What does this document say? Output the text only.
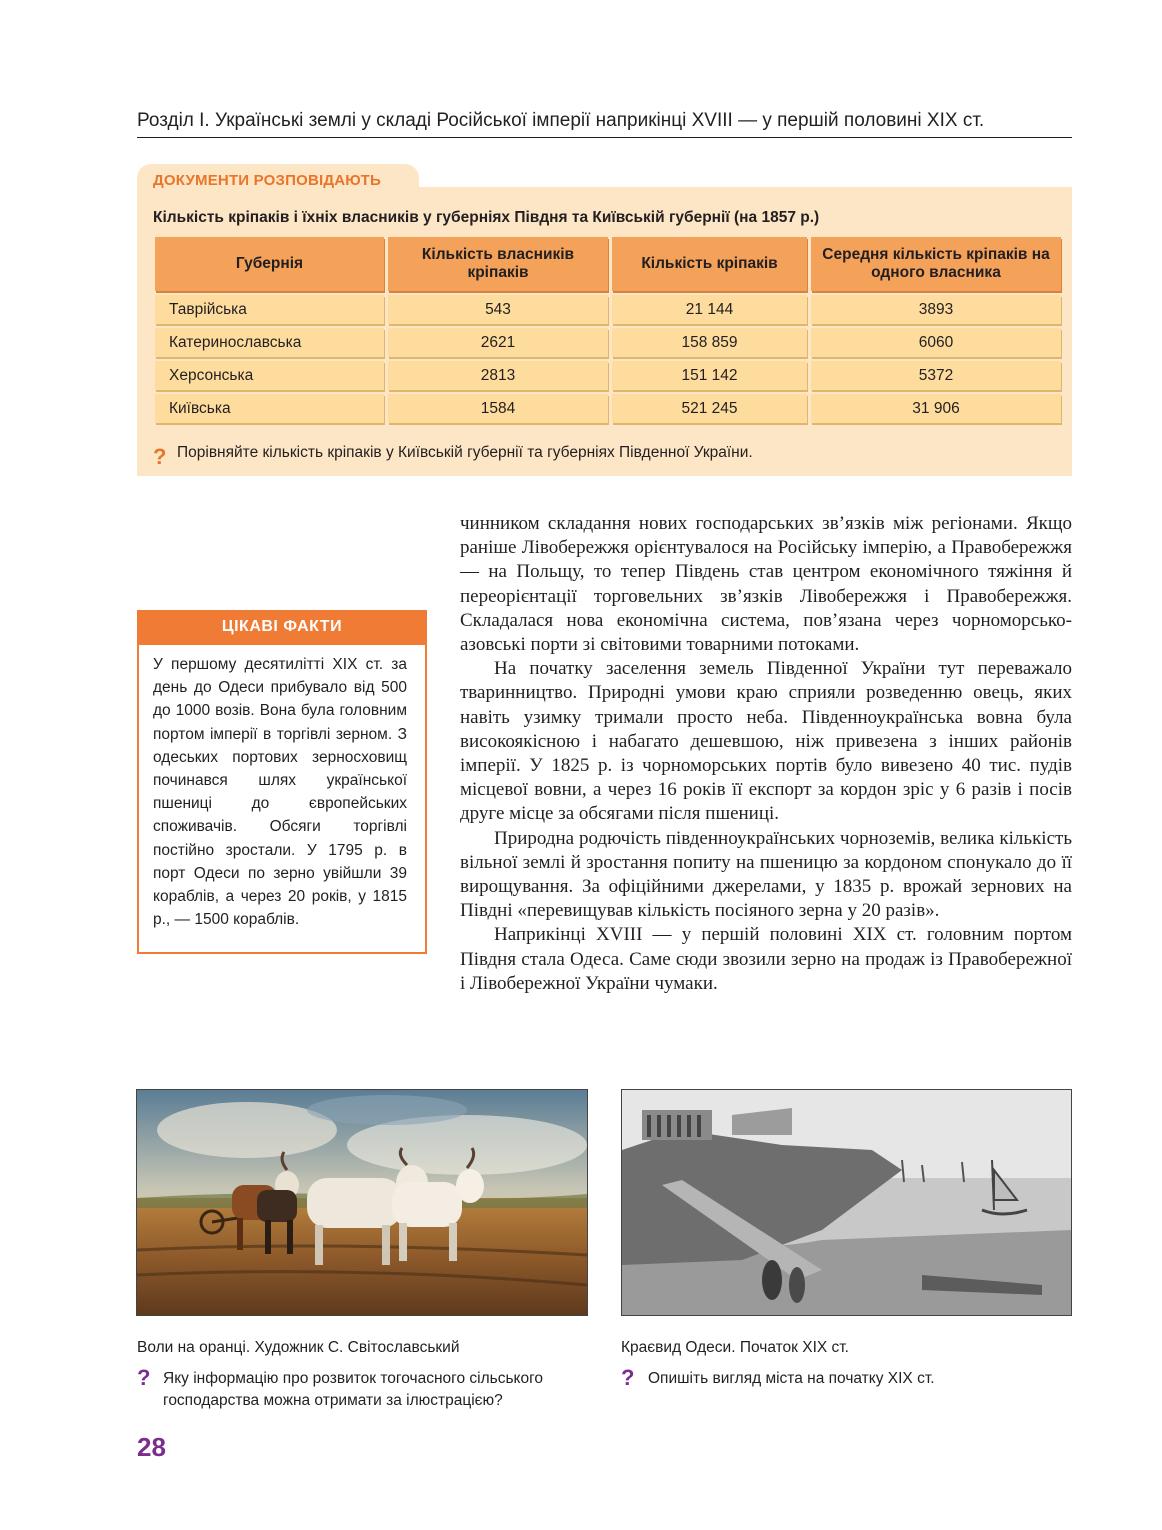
Розділ І. Українські землі у складі Російської імперії наприкінці XVIII — у першій половині XIX ст.
ДОКУМЕНТИ РОЗПОВІДАЮТЬ
Кількість кріпаків і їхніх власників у губерніях Півдня та Київській губернії (на 1857 р.)
Губернія	Кількість власників кріпаків	Кількість кріпаків	Середня кількість кріпаків на одного власника
Таврійська	543	21 144	3893
Катеринославська	2621	158 859	6060
Херсонська	2813	151 142	5372
Київська	1584	521 245	31 906
? Порівняйте кількість кріпаків у Київській губернії та губерніях Південної України.
ЦІКАВІ ФАКТИ
У першому десятилітті XIX ст. за день до Одеси прибувало від 500 до 1000 возів. Вона була головним портом імперії в торгівлі зерном. З одеських портових зерносховищ починався шлях української пшениці до європейських споживачів. Обсяги торгівлі постійно зростали. У 1795 р. в порт Одеси по зерно увійшли 39 кораблів, а через 20 років, у 1815 р., — 1500 кораблів.

чинником складання нових господарських зв’язків між регіонами. Якщо раніше Лівобережжя орієнтувалося на Російську імперію, а Правобережжя — на Польщу, то тепер Південь став центром економічного тяжіння й переорієнтації торговельних зв’язків Лівобережжя і Правобережжя. Складалася нова економічна система, пов’язана через чорноморсько-азовські порти зі світовими товарними потоками.

На початку заселення земель Південної України тут переважало тваринництво. Природні умови краю сприяли розведенню овець, яких навіть узимку тримали просто неба. Південноукраїнська вовна була високоякісною і набагато дешевшою, ніж привезена з інших районів імперії. У 1825 р. із чорноморських портів було вивезено 40 тис. пудів місцевої вовни, а через 16 років її експорт за кордон зріс у 6 разів і посів друге місце за обсягами після пшениці.

Природна родючість південноукраїнських чорноземів, велика кількість вільної землі й зростання попиту на пшеницю за кордоном спонукало до її вирощування. За офіційними джерелами, у 1835 р. врожай зернових на Півдні «перевищував кількість посіяного зерна у 20 разів».

Наприкінці XVIII — у першій половині XIX ст. головним портом Півдня стала Одеса. Саме сюди звозили зерно на продаж із Правобережної і Лівобережної України чумаки.

Воли на оранці. Художник С. Світославський	Краєвид Одеси. Початок XIX ст.
? Яку інформацію про розвиток тогочасного сільського господарства можна отримати за ілюстрацією?
? Опишіть вигляд міста на початку XIX ст.
28
